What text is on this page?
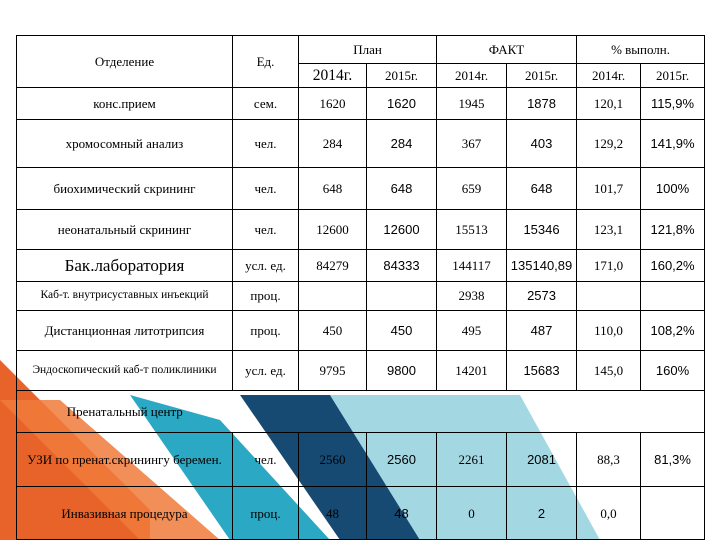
Отделение	Ед.	План		ФАКТ		% выполн.	
		2014г.	2015г.	2014г.	2015г.	2014г.	2015г.
конс.прием	сем.	1620	1620	1945	1878	120,1	115,9%
хромосомный анализ	чел.	284	284	367	403	129,2	141,9%
биохимический скрининг	чел.	648	648	659	648	101,7	100%
неонатальный скрининг	чел.	12600	12600	15513	15346	123,1	121,8%
Бак.лаборатория	усл. ед.	84279	84333	144117	135140,89	171,0	160,2%
Каб-т. внутрисуставных инъекций	проц.			2938	2573		
Дистанционная литотрипсия	проц.	450	450	495	487	110,0	108,2%
Эндоскопический каб-т поликлиники	усл. ед.	9795	9800	14201	15683	145,0	160%
Пренатальный центр							
УЗИ по пренат.скринингу беремен.	чел.	2560	2560	2261	2081	88,3	81,3%
Инвазивная процедура	проц.	48	48	0	2	0,0	
